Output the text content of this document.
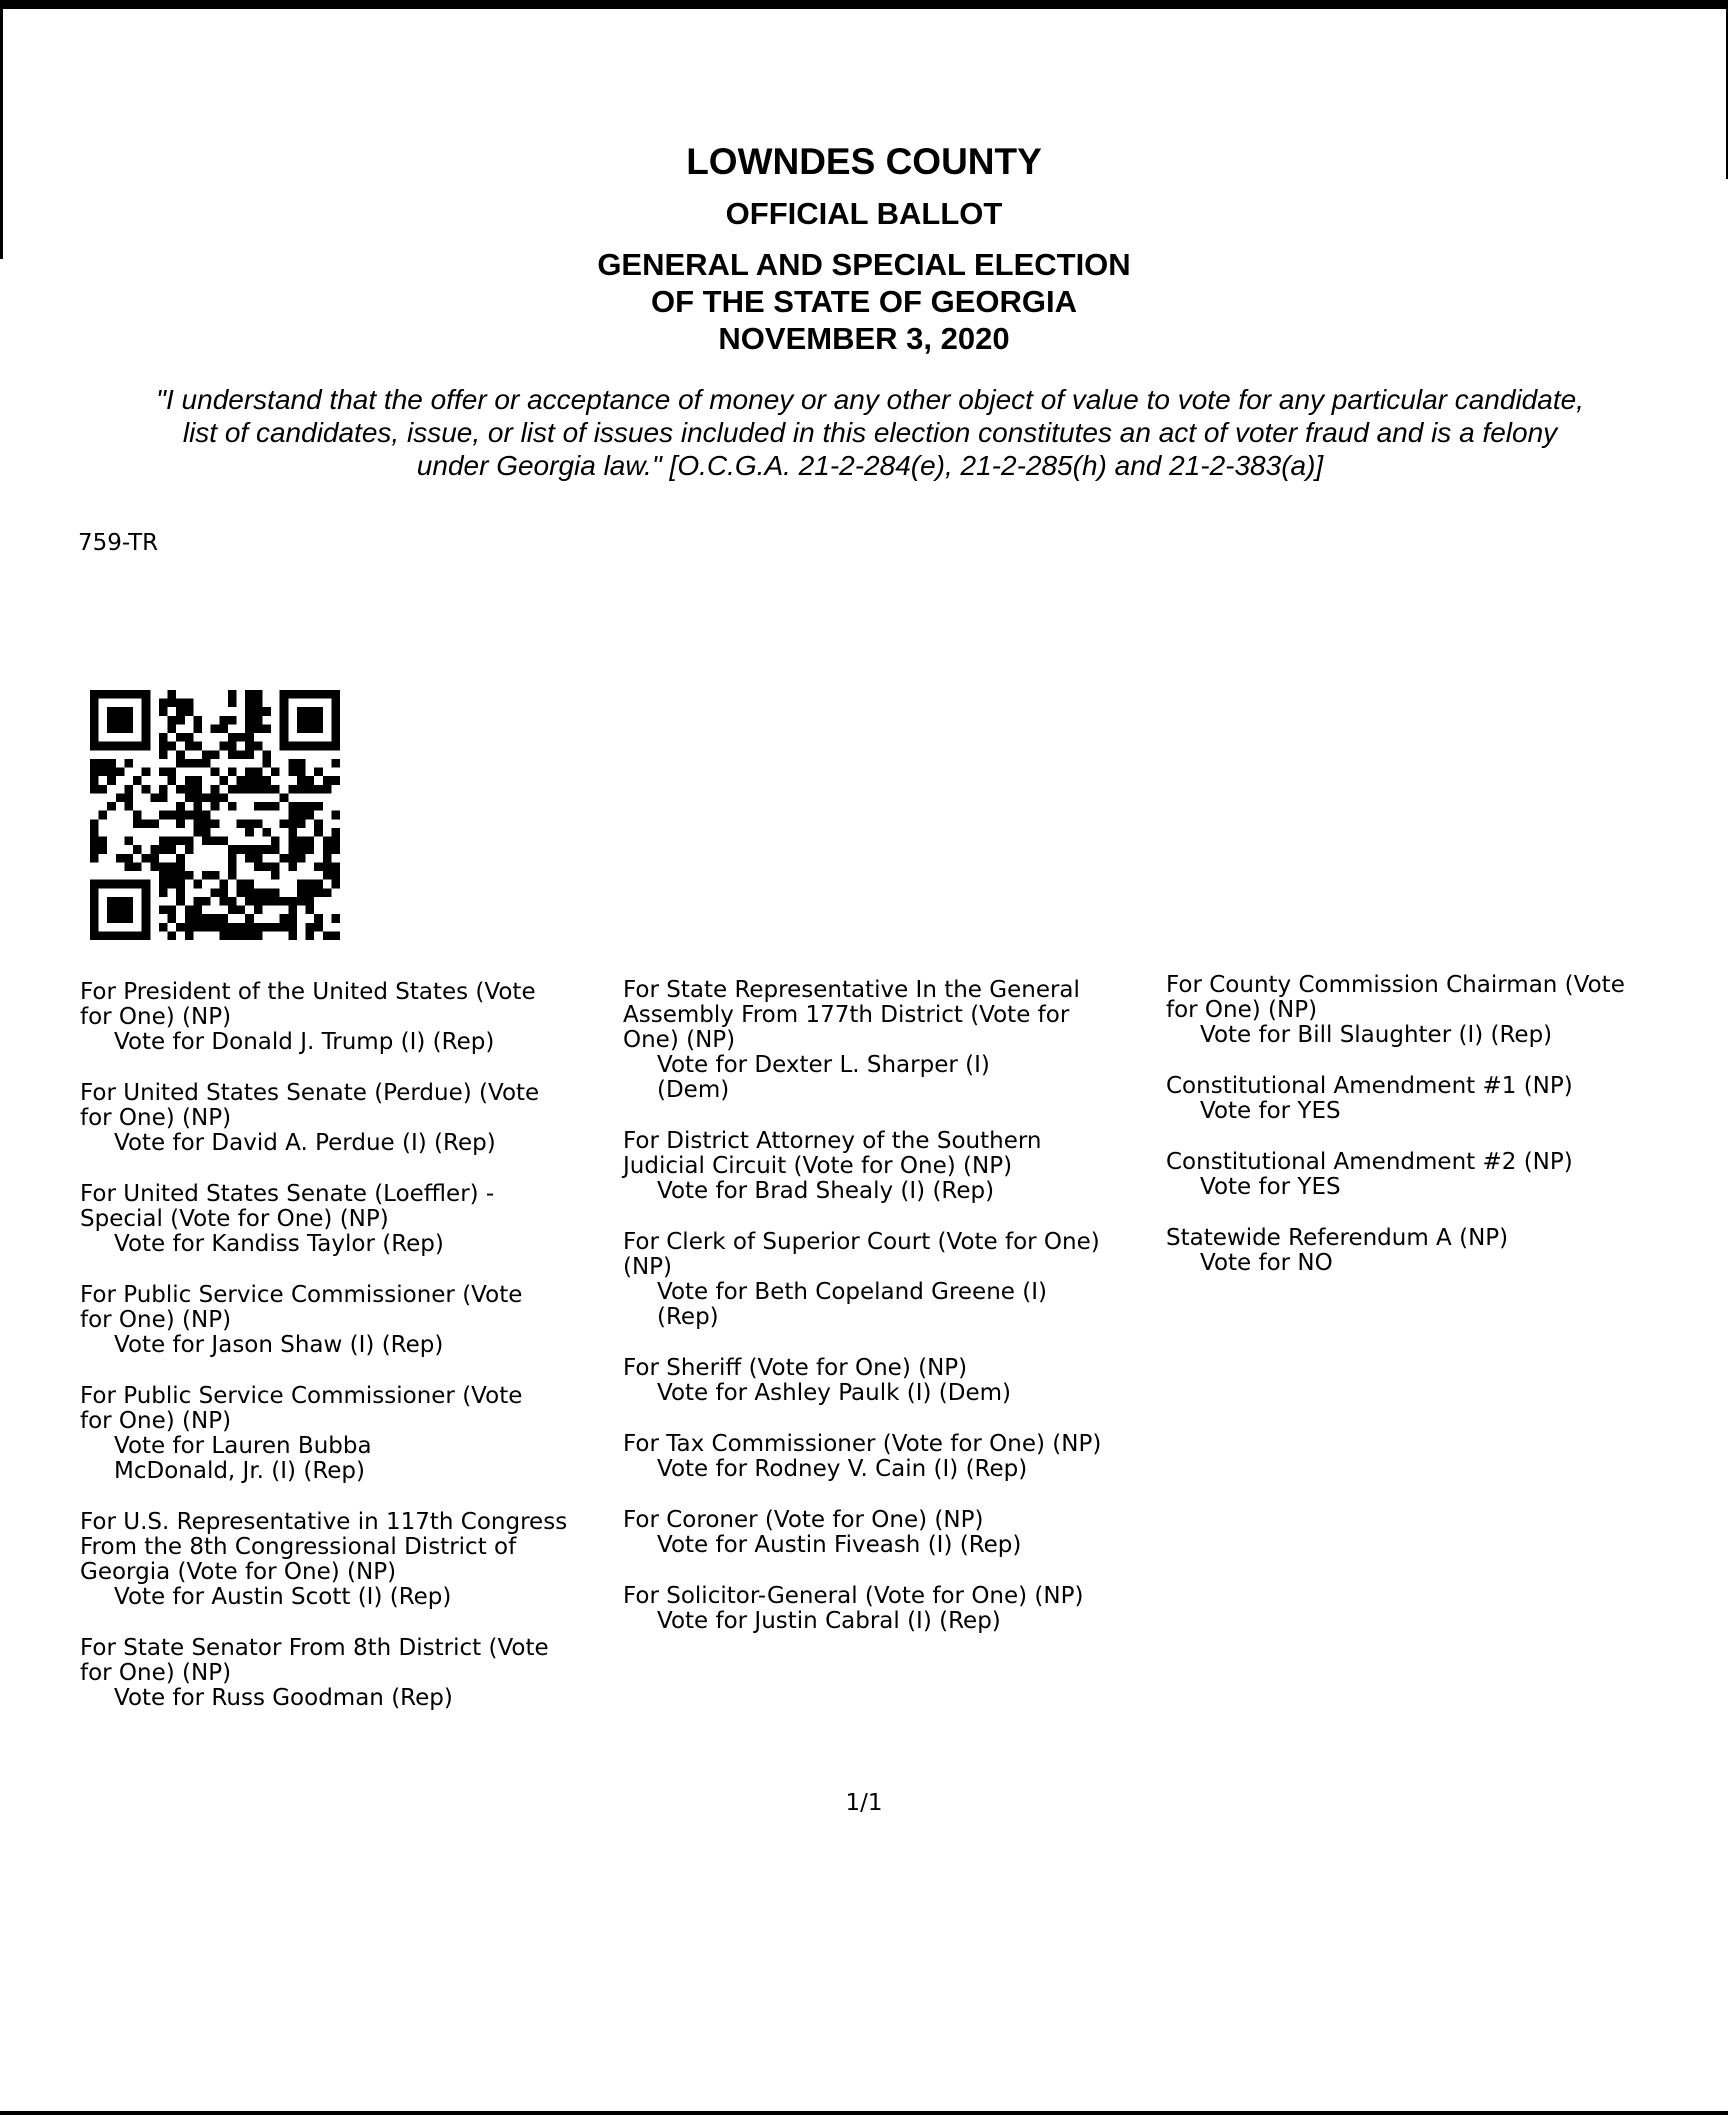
LOWNDES COUNTY
OFFICIAL BALLOT
GENERAL AND SPECIAL ELECTION
OF THE STATE OF GEORGIA
NOVEMBER 3, 2020
"I understand that the offer or acceptance of money or any other object of value to vote for any particular candidate,
list of candidates, issue, or list of issues included in this election constitutes an act of voter fraud and is a felony
under Georgia law." [O.C.G.A. 21-2-284(e), 21-2-285(h) and 21-2-383(a)]
759-TR
For President of the United States (Vote
for One) (NP)
Vote for Donald J. Trump (I) (Rep)
For United States Senate (Perdue) (Vote
for One) (NP)
Vote for David A. Perdue (I) (Rep)
For United States Senate (Loeffler) -
Special (Vote for One) (NP)
Vote for Kandiss Taylor (Rep)
For Public Service Commissioner (Vote
for One) (NP)
Vote for Jason Shaw (I) (Rep)
For Public Service Commissioner (Vote
for One) (NP)
Vote for Lauren Bubba
McDonald, Jr. (I) (Rep)
For U.S. Representative in 117th Congress
From the 8th Congressional District of
Georgia (Vote for One) (NP)
Vote for Austin Scott (I) (Rep)
For State Senator From 8th District (Vote
for One) (NP)
Vote for Russ Goodman (Rep)
For State Representative In the General
Assembly From 177th District (Vote for
One) (NP)
Vote for Dexter L. Sharper (I)
(Dem)
For District Attorney of the Southern
Judicial Circuit (Vote for One) (NP)
Vote for Brad Shealy (I) (Rep)
For Clerk of Superior Court (Vote for One)
(NP)
Vote for Beth Copeland Greene (I)
(Rep)
For Sheriff (Vote for One) (NP)
Vote for Ashley Paulk (I) (Dem)
For Tax Commissioner (Vote for One) (NP)
Vote for Rodney V. Cain (I) (Rep)
For Coroner (Vote for One) (NP)
Vote for Austin Fiveash (I) (Rep)
For Solicitor-General (Vote for One) (NP)
Vote for Justin Cabral (I) (Rep)
For County Commission Chairman (Vote
for One) (NP)
Vote for Bill Slaughter (I) (Rep)
Constitutional Amendment #1 (NP)
Vote for YES
Constitutional Amendment #2 (NP)
Vote for YES
Statewide Referendum A (NP)
Vote for NO
1/1
